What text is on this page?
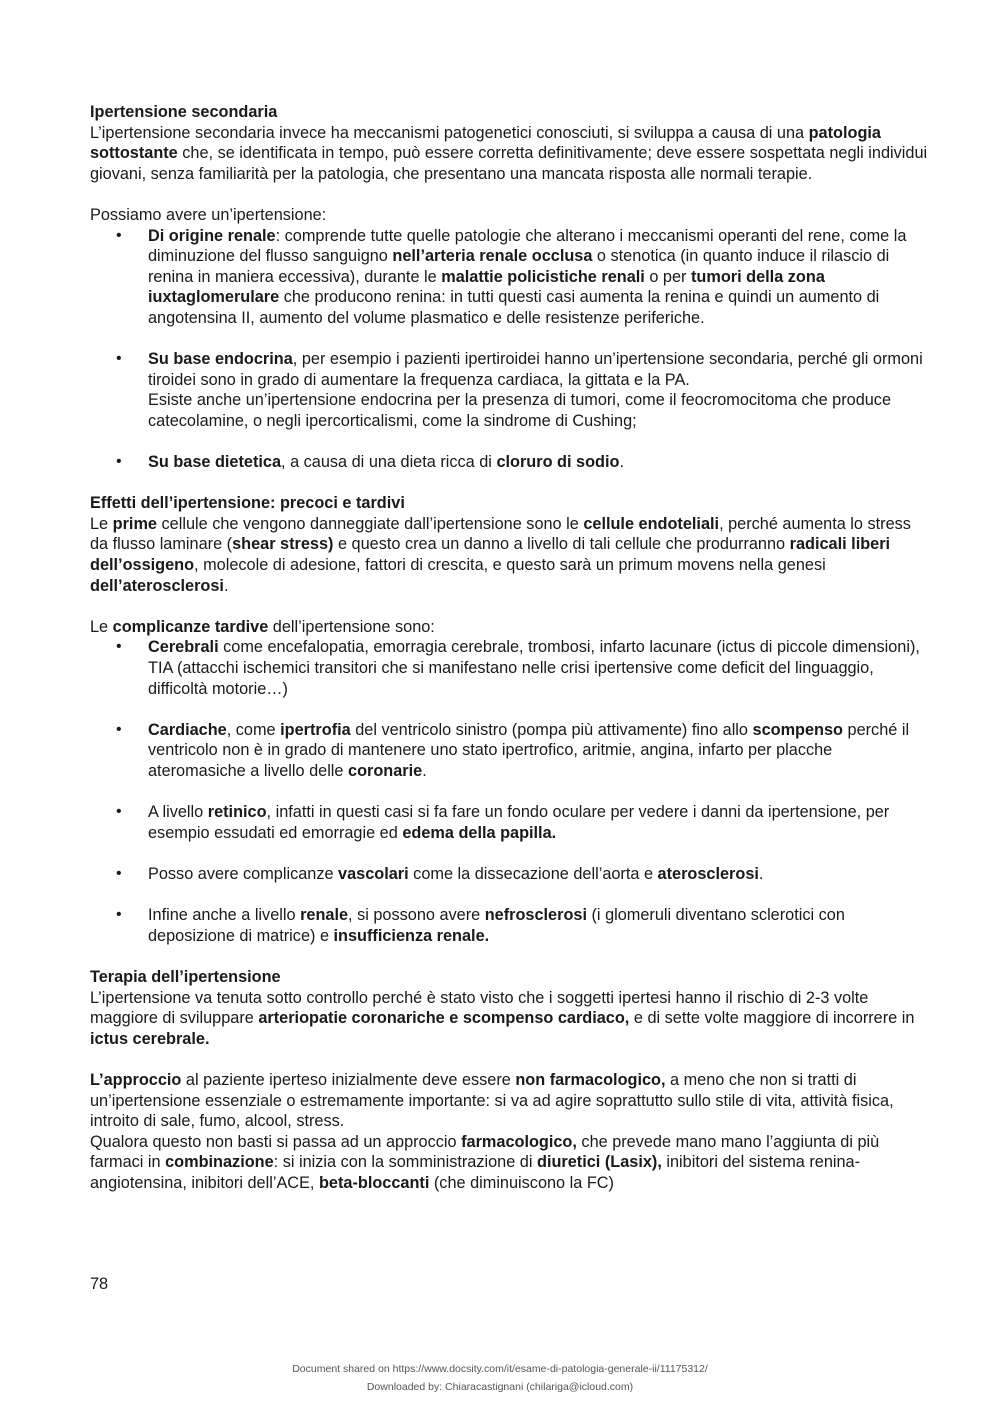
Ipertensione secondaria

L’ipertensione secondaria invece ha meccanismi patogenetici conosciuti, si sviluppa a causa di una patologia sottostante che, se identificata in tempo, può essere corretta definitivamente; deve essere sospettata negli individui giovani, senza familiarità per la patologia, che presentano una mancata risposta alle normali terapie.

Possiamo avere un’ipertensione:

• Di origine renale: comprende tutte quelle patologie che alterano i meccanismi operanti del rene, come la diminuzione del flusso sanguigno nell’arteria renale occlusa o stenotica (in quanto induce il rilascio di renina in maniera eccessiva), durante le malattie policistiche renali o per tumori della zona iuxtaglomerulare che producono renina: in tutti questi casi aumenta la renina e quindi un aumento di angotensina II, aumento del volume plasmatico e delle resistenze periferiche.
• Su base endocrina, per esempio i pazienti ipertiroidei hanno un’ipertensione secondaria, perché gli ormoni tiroidei sono in grado di aumentare la frequenza cardiaca, la gittata e la PA.
Esiste anche un’ipertensione endocrina per la presenza di tumori, come il feocromocitoma che produce catecolamine, o negli ipercorticalismi, come la sindrome di Cushing;
• Su base dietetica, a causa di una dieta ricca di cloruro di sodio.
Effetti dell’ipertensione: precoci e tardivi

Le prime cellule che vengono danneggiate dall’ipertensione sono le cellule endoteliali, perché aumenta lo stress da flusso laminare (shear stress) e questo crea un danno a livello di tali cellule che produrranno radicali liberi dell’ossigeno, molecole di adesione, fattori di crescita, e questo sarà un primum movens nella genesi dell’aterosclerosi.

Le complicanze tardive dell’ipertensione sono:

• Cerebrali come encefalopatia, emorragia cerebrale, trombosi, infarto lacunare (ictus di piccole dimensioni), TIA (attacchi ischemici transitori che si manifestano nelle crisi ipertensive come deficit del linguaggio, difficoltà motorie…)
• Cardiache, come ipertrofia del ventricolo sinistro (pompa più attivamente) fino allo scompenso perché il ventricolo non è in grado di mantenere uno stato ipertrofico, aritmie, angina, infarto per placche ateromasiche a livello delle coronarie.
• A livello retinico, infatti in questi casi si fa fare un fondo oculare per vedere i danni da ipertensione, per esempio essudati ed emorragie ed edema della papilla.
• Posso avere complicanze vascolari come la dissecazione dell’aorta e aterosclerosi.
• Infine anche a livello renale, si possono avere nefrosclerosi (i glomeruli diventano sclerotici con deposizione di matrice) e insufficienza renale.
Terapia dell’ipertensione

L’ipertensione va tenuta sotto controllo perché è stato visto che i soggetti ipertesi hanno il rischio di 2-3 volte maggiore di sviluppare arteriopatie coronariche e scompenso cardiaco, e di sette volte maggiore di incorrere in ictus cerebrale.

L’approccio al paziente iperteso inizialmente deve essere non farmacologico, a meno che non si tratti di un’ipertensione essenziale o estremamente importante: si va ad agire soprattutto sullo stile di vita, attività fisica, introito di sale, fumo, alcool, stress.
Qualora questo non basti si passa ad un approccio farmacologico, che prevede mano mano l’aggiunta di più farmaci in combinazione: si inizia con la somministrazione di diuretici (Lasix), inibitori del sistema renina-angiotensina, inibitori dell’ACE, beta-bloccanti (che diminuiscono la FC)

78
Document shared on https://www.docsity.com/it/esame-di-patologia-generale-ii/11175312/
Downloaded by: Chiaracastignani (chilariga@icloud.com)
